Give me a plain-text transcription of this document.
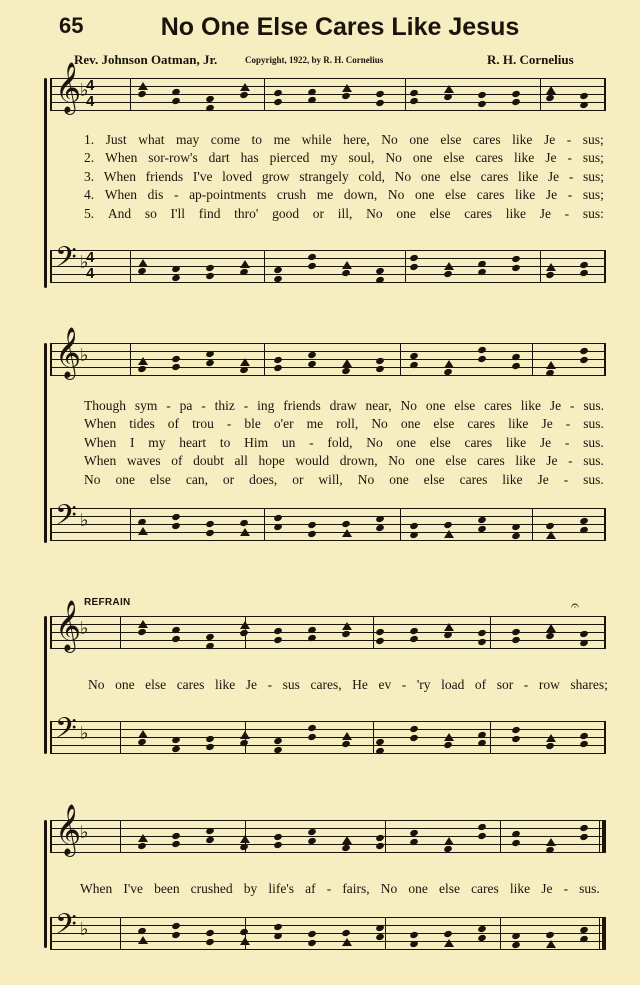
65	No One Else Cares Like Jesus
Rev. Johnson Oatman, Jr.	Copyright, 1922, by R. H. Cornelius	R. H. Cornelius
𝄞
♭
4
4
1. Just what may come to me while here, No one else cares like Je - sus;
2. When sor-row's dart has pierced my soul, No one else cares like Je - sus;
3. When friends I've loved grow strangely cold, No one else cares like Je - sus;
4. When dis - ap-pointments crush me down, No one else cares like Je - sus;
5. And so I'll find thro' good or ill, No one else cares like Je - sus:
𝄢 ♭
4
4
𝄞
♭
Though sym - pa - thiz - ing friends draw near, No one else cares like Je - sus.
When tides of trou - ble o'er me roll, No one else cares like Je - sus.
When I my heart to Him un - fold, No one else cares like Je - sus.
When waves of doubt all hope would drown, No one else cares like Je - sus.
No one else can, or does, or will, No one else cares like Je - sus.
𝄢 ♭
REFRAIN	𝄐
𝄞
♭
No one else cares like Je - sus cares, He ev - 'ry load of sor - row shares;
𝄢 ♭
𝄞
♭
When I've been crushed by life's af - fairs, No one else cares like Je - sus.
𝄢 ♭
